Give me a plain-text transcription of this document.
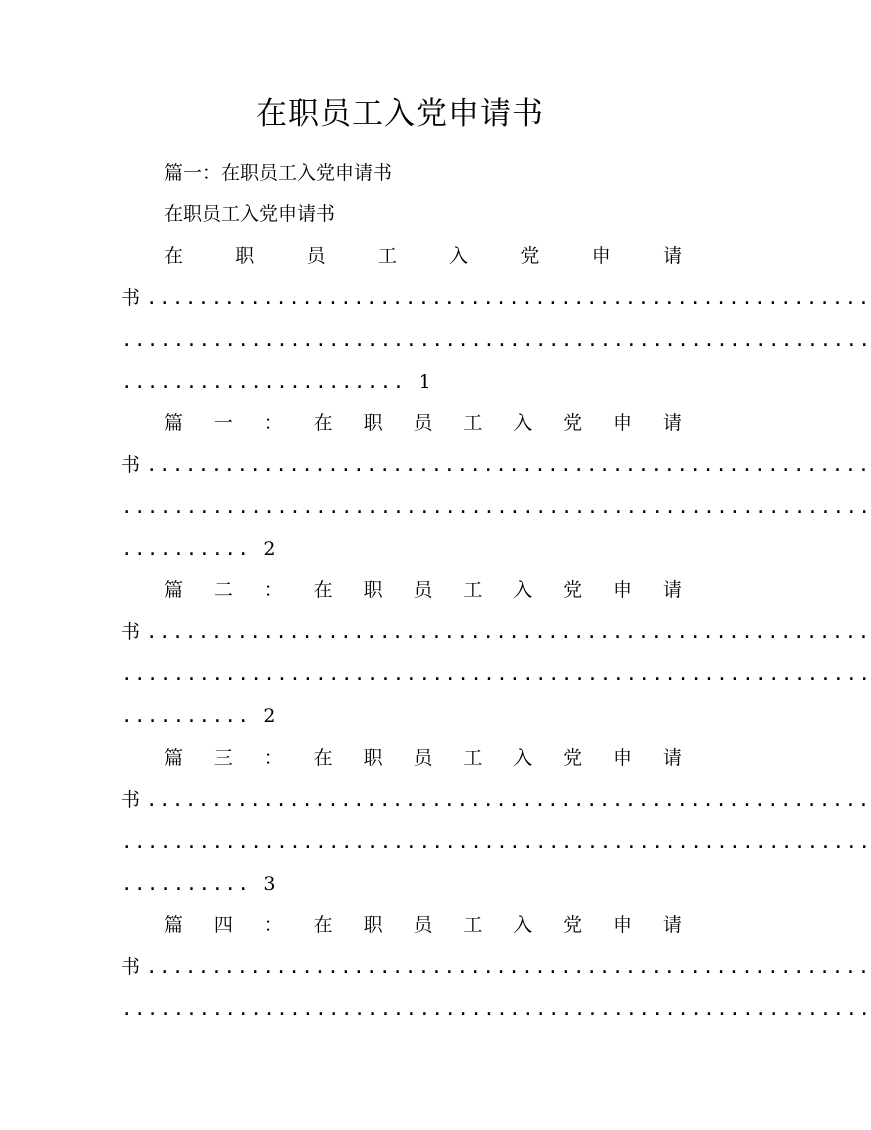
在职员工入党申请书
篇一：在职员工入党申请书
在职员工入党申请书
在	职	员	工	入	党	申	请
书 ........................................................
..........................................................
...................... 1
篇 一 ： 在 职 员 工 入 党 申 请
书 ........................................................
..........................................................
.......... 2
篇 二 ： 在 职 员 工 入 党 申 请
书 ........................................................
..........................................................
.......... 2
篇 三 ： 在 职 员 工 入 党 申 请
书 ........................................................
..........................................................
.......... 3
篇 四 ： 在 职 员 工 入 党 申 请
书 ........................................................
..........................................................
